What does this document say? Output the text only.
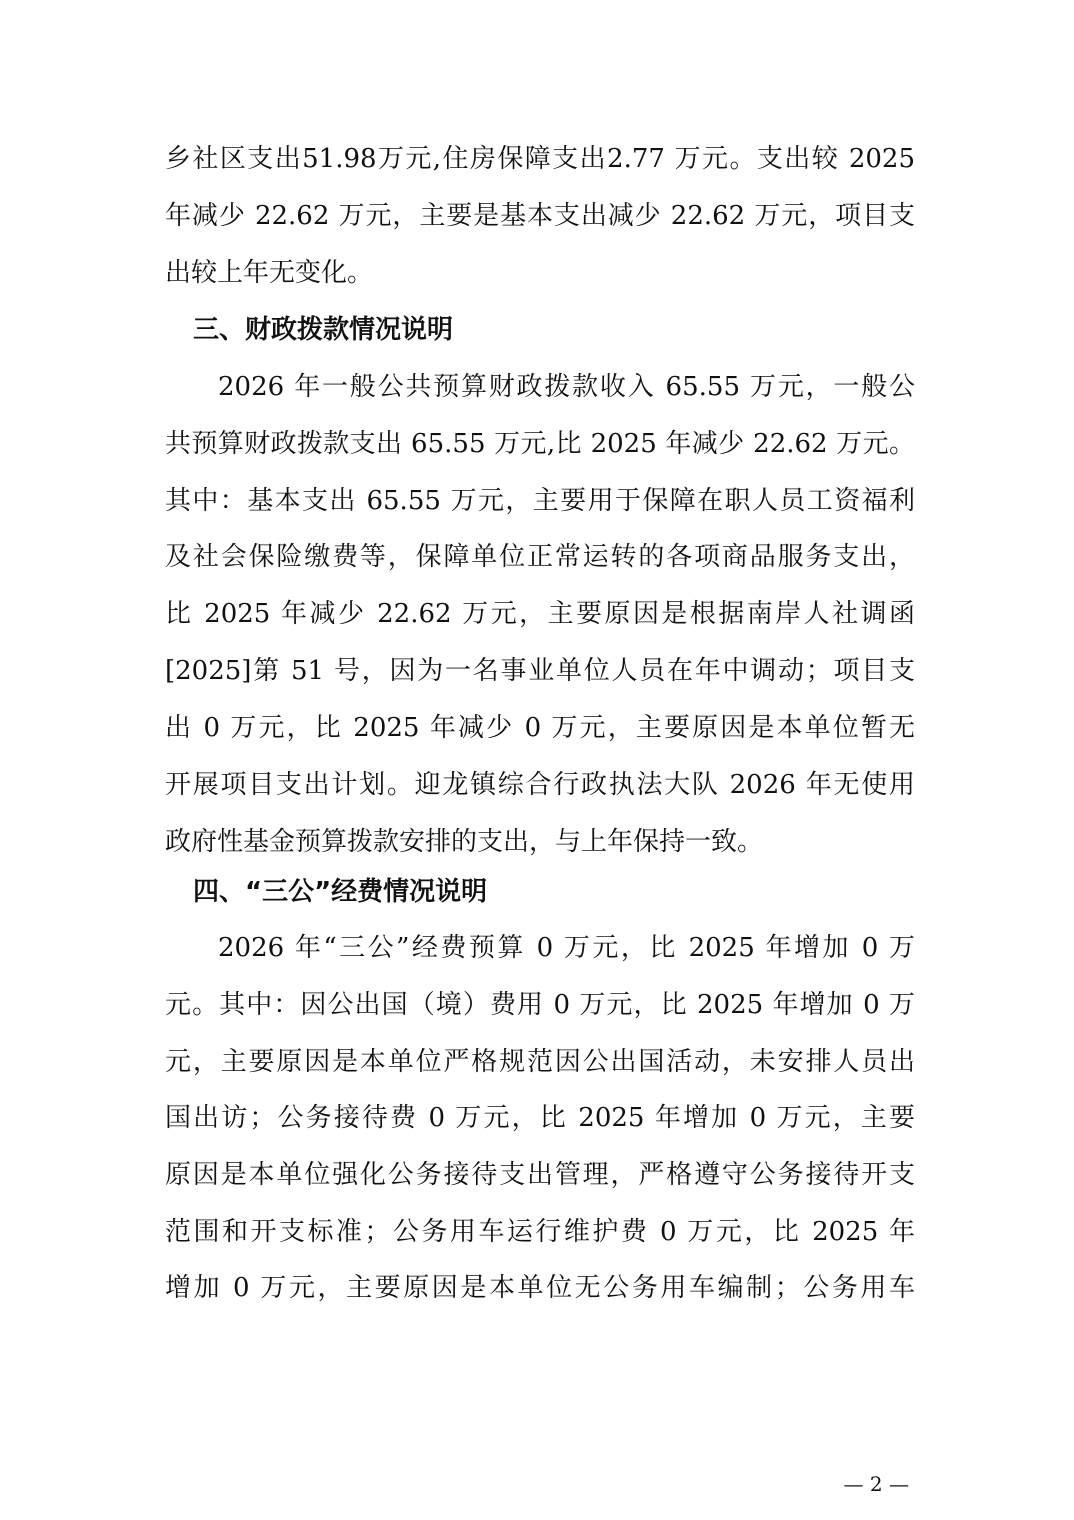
乡社区支出51.98万元,住房保障支出2.77 万元。支出较 2025
年减少 22.62 万元，主要是基本支出减少 22.62 万元，项目支
出较上年无变化。
三、财政拨款情况说明
2026 年一般公共预算财政拨款收入 65.55 万元，一般公
共预算财政拨款支出 65.55 万元,比 2025 年减少 22.62 万元。
其中：基本支出 65.55 万元，主要用于保障在职人员工资福利
及社会保险缴费等，保障单位正常运转的各项商品服务支出，
比 2025 年减少 22.62 万元，主要原因是根据南岸人社调函
[2025]第 51 号，因为一名事业单位人员在年中调动；项目支
出 0 万元，比 2025 年减少 0 万元，主要原因是本单位暂无
开展项目支出计划。迎龙镇综合行政执法大队 2026 年无使用
政府性基金预算拨款安排的支出，与上年保持一致。
四、“三公”经费情况说明
2026 年“三公”经费预算 0 万元，比 2025 年增加 0 万
元。其中：因公出国（境）费用 0 万元，比 2025 年增加 0 万
元，主要原因是本单位严格规范因公出国活动，未安排人员出
国出访；公务接待费 0 万元，比 2025 年增加 0 万元，主要
原因是本单位强化公务接待支出管理，严格遵守公务接待开支
范围和开支标准；公务用车运行维护费 0 万元，比 2025 年
增加 0 万元，主要原因是本单位无公务用车编制；公务用车
— 2 —
